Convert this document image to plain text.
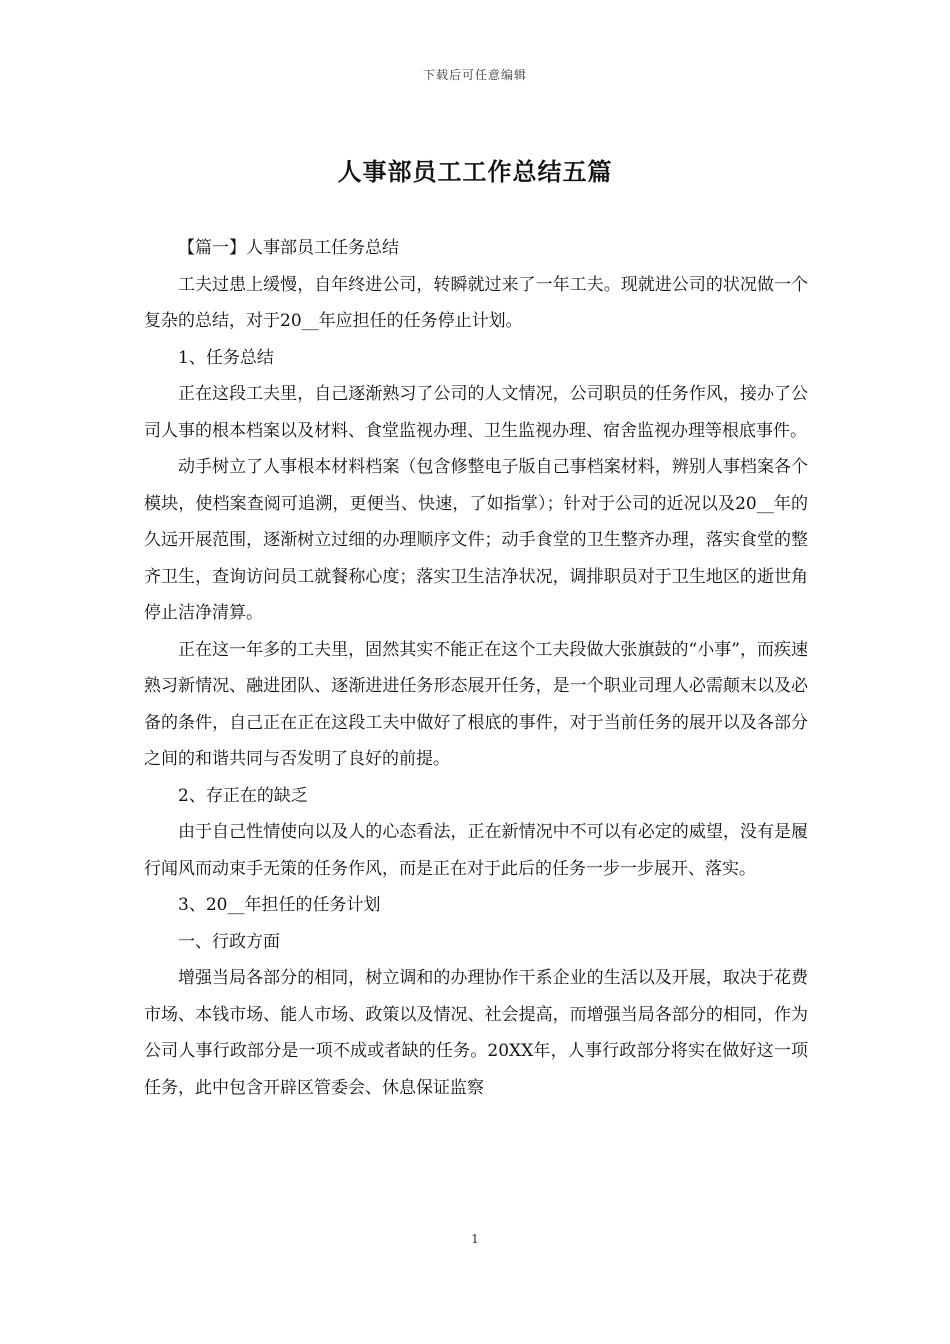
下载后可任意编辑
人事部员工工作总结五篇

【篇一】人事部员工任务总结

工夫过患上缓慢，自年终进公司，转瞬就过来了一年工夫。现就进公司的状况做一个复杂的总结，对于20__年应担任的任务停止计划。

1、任务总结

正在这段工夫里，自己逐渐熟习了公司的人文情况，公司职员的任务作风，接办了公司人事的根本档案以及材料、食堂监视办理、卫生监视办理、宿舍监视办理等根底事件。

动手树立了人事根本材料档案（包含修整电子版自己事档案材料，辨别人事档案各个模块，使档案查阅可追溯，更便当、快速，了如指掌）；针对于公司的近况以及20__年的久远开展范围，逐渐树立过细的办理顺序文件；动手食堂的卫生整齐办理，落实食堂的整齐卫生，查询访问员工就餐称心度；落实卫生洁净状况，调排职员对于卫生地区的逝世角停止洁净清算。

正在这一年多的工夫里，固然其实不能正在这个工夫段做大张旗鼓的“小事”，而疾速熟习新情况、融进团队、逐渐进进任务形态展开任务，是一个职业司理人必需颠末以及必备的条件，自己正在正在这段工夫中做好了根底的事件，对于当前任务的展开以及各部分之间的和谐共同与否发明了良好的前提。

2、存正在的缺乏

由于自己性情使向以及人的心态看法，正在新情况中不可以有必定的威望，没有是履行闻风而动束手无策的任务作风，而是正在对于此后的任务一步一步展开、落实。

3、20__年担任的任务计划

一、行政方面

增强当局各部分的相同，树立调和的办理协作干系企业的生活以及开展，取决于花费市场、本钱市场、能人市场、政策以及情况、社会提高，而增强当局各部分的相同，作为公司人事行政部分是一项不成或者缺的任务。20XX年，人事行政部分将实在做好这一项任务，此中包含开辟区管委会、休息保证监察

1
